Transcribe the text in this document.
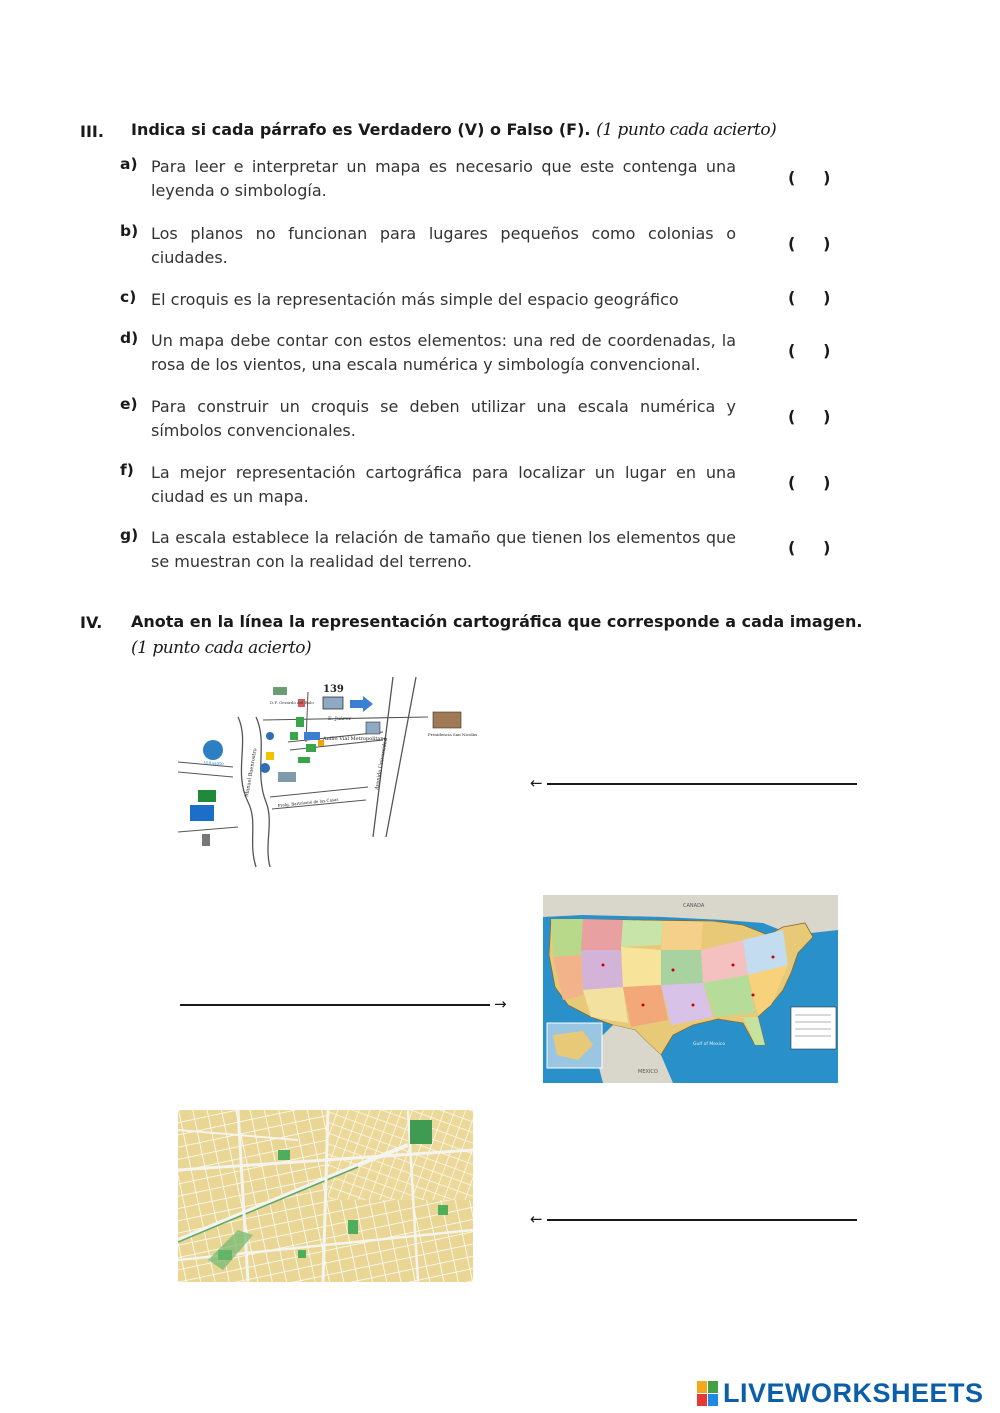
III. Indica si cada párrafo es Verdadero (V) o Falso (F). (1 punto cada acierto)
a) Para leer e interpretar un mapa es necesario que este contenga una leyenda o simbología.
(     )
b) Los planos no funcionan para lugares pequeños como colonias o ciudades.
(     )
c) El croquis es la representación más simple del espacio geográfico	(     )
d) Un mapa debe contar con estos elementos: una red de coordenadas, la rosa de los vientos, una escala numérica y simbología convencional.
(     )
e) Para construir un croquis se deben utilizar una escala numérica y símbolos convencionales.
(     )
f) La mejor representación cartográfica para localizar un lugar en una ciudad es un mapa.
(     )
g) La escala establece la relación de tamaño que tienen los elementos que se muestran con la realidad del terreno.
(     )
IV. Anota en la línea la representación cartográfica que corresponde a cada imagen.
(1 punto cada acierto)
139
D.F. Gerardo del Rulo
E. Juárez
Anillo Vial Metropolitano
Avenida Universidad
Manuel Buenrostro
Presidencia San Nicolás
Villasoto
Prolg. Bartolomé de las Casas
←
→
CANADA
MEXICO
Gulf of Mexico
←
LIVEWORKSHEETS
